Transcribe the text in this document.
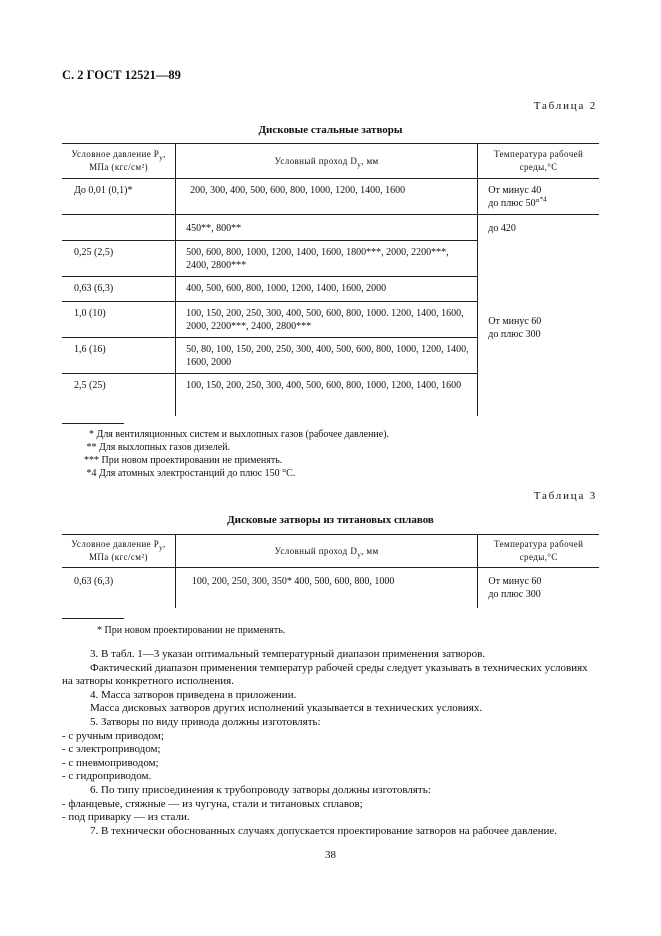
С. 2 ГОСТ 12521—89
Таблица 2
Дисковые стальные затворы
Условное давление $P_у$,
МПа (кгс/см²)	Условный проход $D_у$, мм	Температура рабочей
среды,°С
До 0,01 (0,1)*	200, 300, 400, 500, 600, 800, 1000, 1200, 1400, 1600	От минус 40
до плюс 50°$^{*4}$
	450**, 800**	до 420
0,25 (2,5)	500, 600, 800, 1000, 1200, 1400, 1600, 1800***, 2000, 2200***, 2400, 2800***	От минус 60
до плюс 300
0,63 (6,3)	400, 500, 600, 800, 1000, 1200, 1400, 1600, 2000	
1,0 (10)	100, 150, 200, 250, 300, 400, 500, 600, 800, 1000. 1200, 1400, 1600, 2000, 2200***, 2400, 2800***	
1,6 (16)	50, 80, 100, 150, 200, 250, 300, 400, 500, 600, 800, 1000, 1200, 1400, 1600, 2000	
2,5 (25)	100, 150, 200, 250, 300, 400, 500, 600, 800, 1000, 1200, 1400, 1600	
* Для вентиляционных систем и выхлопных газов (рабочее давление).
** Для выхлопных газов дизелей.
*** При новом проектировании не применять.
*4 Для атомных электростанций до плюс 150 °С.
Таблица 3
Дисковые затворы из титановых сплавов
Условное давление $P_у$,
МПа (кгс/см²)	Условный проход $D_у$, мм	Температура рабочей
среды,°С
0,63 (6,3)	100, 200, 250, 300, 350* 400, 500, 600, 800, 1000	От минус 60
до плюс 300
* При новом проектировании не применять.
3. В табл. 1—3 указан оптимальный температурный диапазон применения затворов.
Фактический диапазон применения температур рабочей среды следует указывать в технических условиях на затворы конкретного исполнения.
4. Масса затворов приведена в приложении.
Масса дисковых затворов других исполнений указывается в технических условиях.
5. Затворы по виду привода должны изготовлять:
- с ручным приводом;
- с электроприводом;
- с пневмоприводом;
- с гидроприводом.
6. По типу присоединения к трубопроводу затворы должны изготовлять:
- фланцевые, стяжные — из чугуна, стали и титановых сплавов;
- под приварку — из стали.
7. В технически обоснованных случаях допускается проектирование затворов на рабочее давление.
38
